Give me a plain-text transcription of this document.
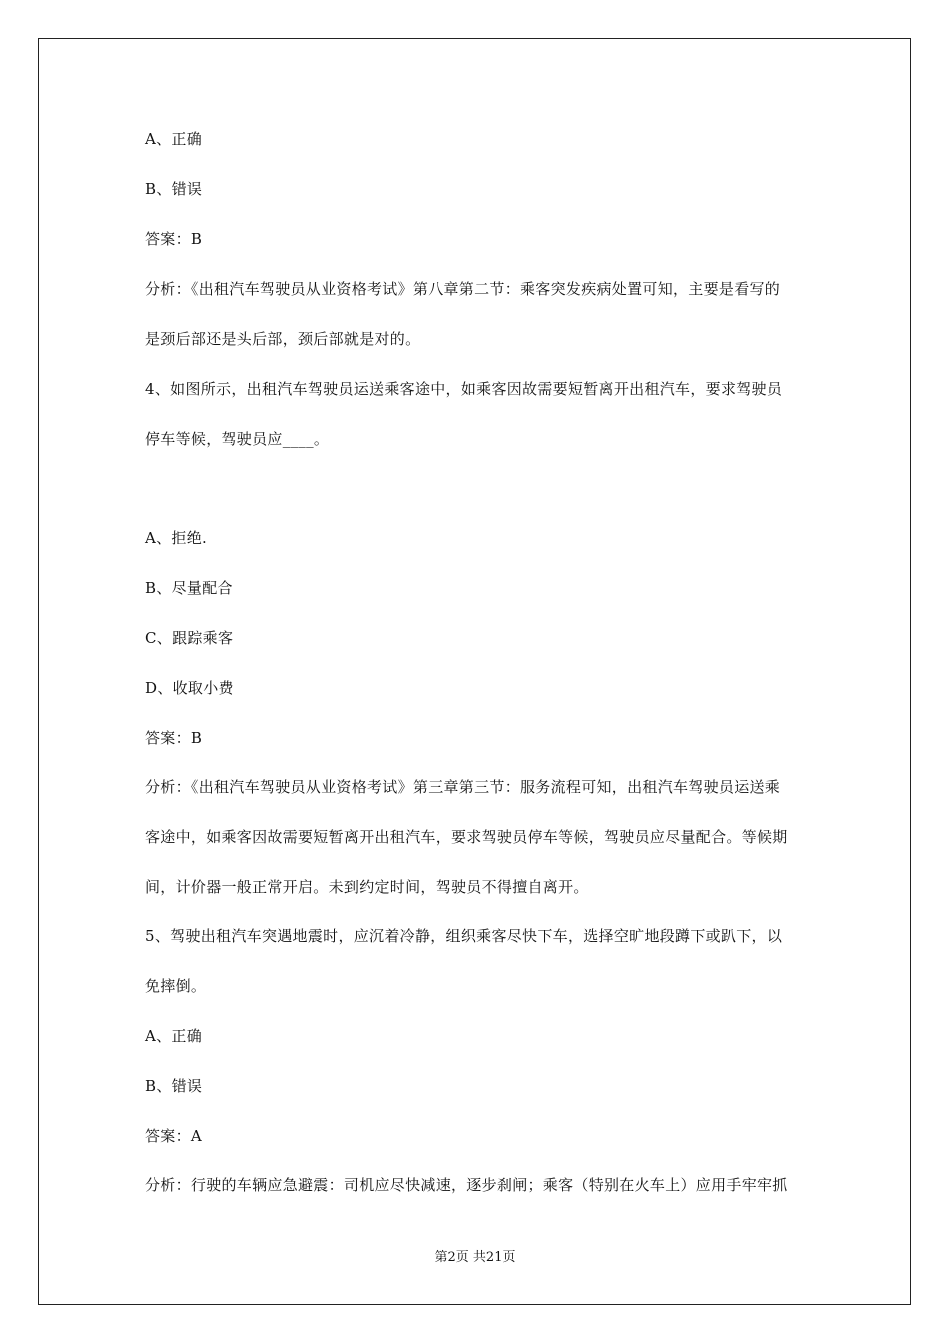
A、正确
B、错误
答案：B
分析：《出租汽车驾驶员从业资格考试》第八章第二节：乘客突发疾病处置可知，主要是看写的
是颈后部还是头后部，颈后部就是对的。
4、如图所示，出租汽车驾驶员运送乘客途中，如乘客因故需要短暂离开出租汽车，要求驾驶员
停车等候，驾驶员应____。
A、拒绝.
B、尽量配合
C、跟踪乘客
D、收取小费
答案：B
分析：《出租汽车驾驶员从业资格考试》第三章第三节：服务流程可知，出租汽车驾驶员运送乘
客途中，如乘客因故需要短暂离开出租汽车，要求驾驶员停车等候，驾驶员应尽量配合。等候期
间，计价器一般正常开启。未到约定时间，驾驶员不得擅自离开。
5、驾驶出租汽车突遇地震时，应沉着冷静，组织乘客尽快下车，选择空旷地段蹲下或趴下，以
免摔倒。
A、正确
B、错误
答案：A
分析：行驶的车辆应急避震：司机应尽快减速，逐步刹闸；乘客（特别在火车上）应用手牢牢抓
第2页 共21页
